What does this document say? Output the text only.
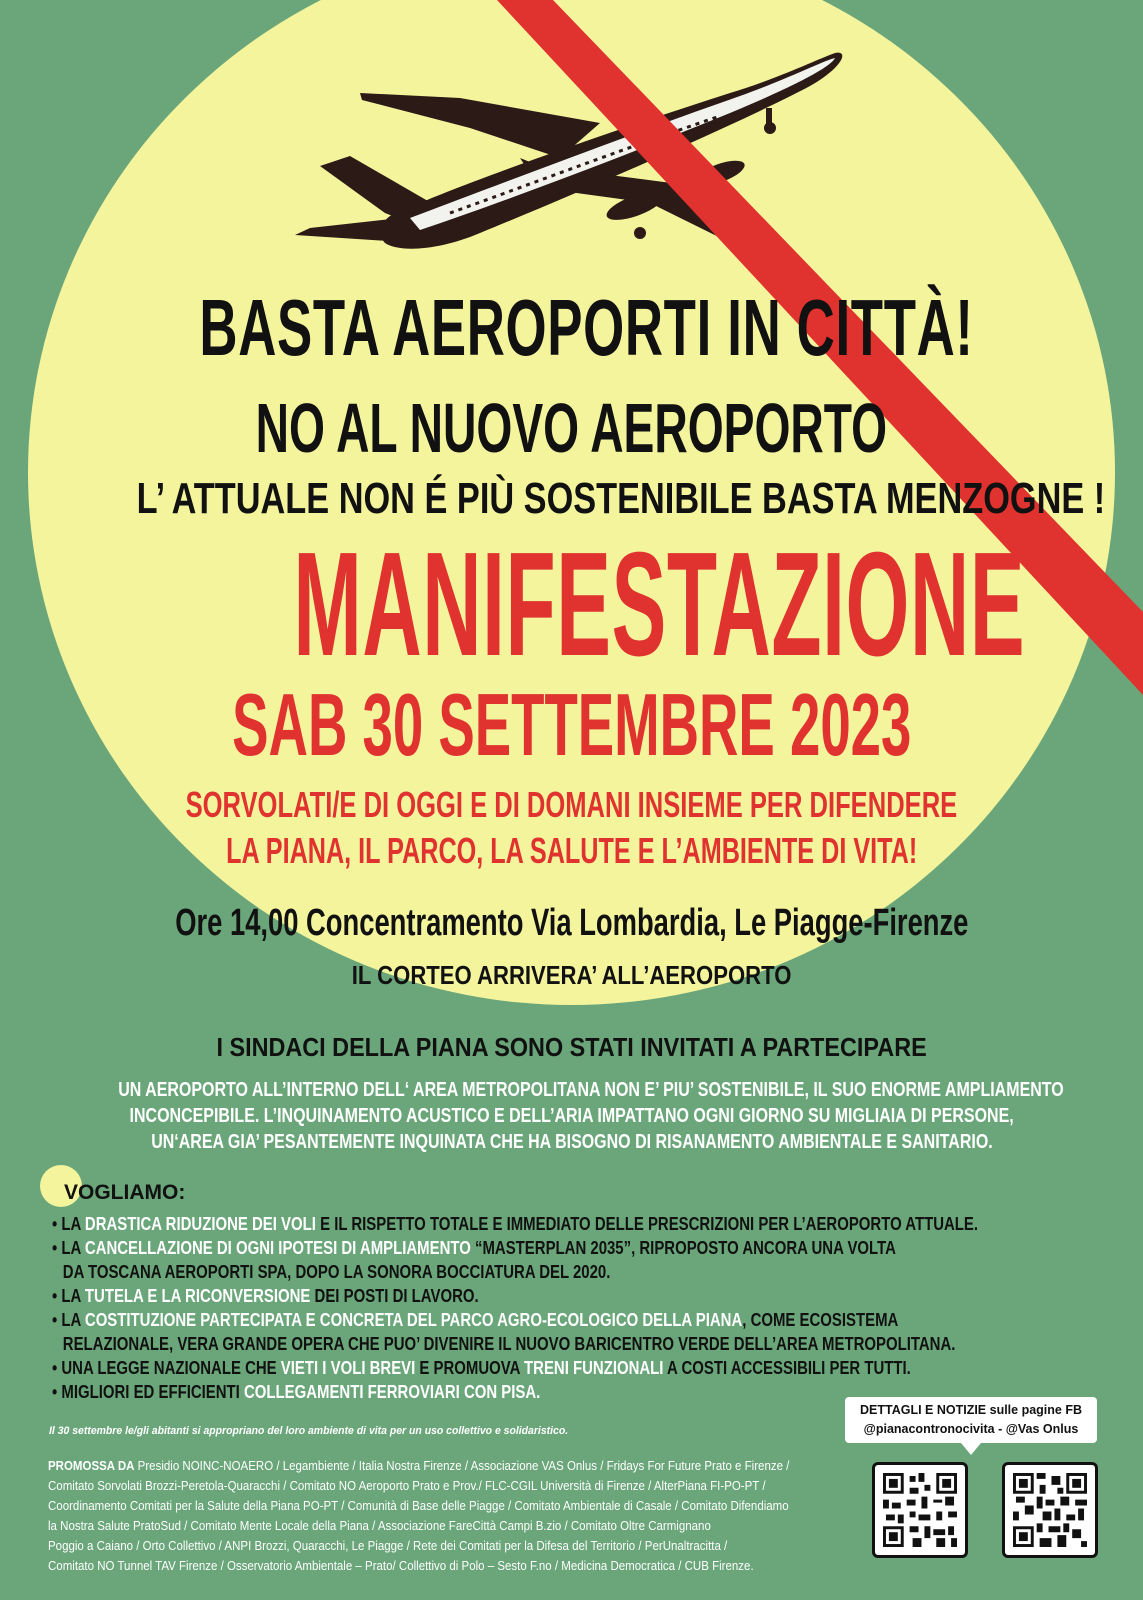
BASTA AEROPORTI IN CITTÀ!
NO AL NUOVO AEROPORTO
L’ ATTUALE NON É PIÙ SOSTENIBILE BASTA MENZOGNE !
MANIFESTAZIONE
SAB 30 SETTEMBRE 2023
SORVOLATI/E DI OGGI E DI DOMANI INSIEME PER DIFENDERE
LA PIANA, IL PARCO, LA SALUTE E L’AMBIENTE DI VITA!
Ore 14,00 Concentramento Via Lombardia, Le Piagge-Firenze
IL CORTEO ARRIVERA’ ALL’AEROPORTO
I SINDACI DELLA PIANA SONO STATI INVITATI A PARTECIPARE
UN AEROPORTO ALL’INTERNO DELL‘ AREA METROPOLITANA NON E’ PIU’ SOSTENIBILE, IL SUO ENORME AMPLIAMENTO
INCONCEPIBILE. L’INQUINAMENTO ACUSTICO E DELL’ARIA IMPATTANO OGNI GIORNO SU MIGLIAIA DI PERSONE,
UN‘AREA GIA’ PESANTEMENTE INQUINATA CHE HA BISOGNO DI RISANAMENTO AMBIENTALE E SANITARIO.
VOGLIAMO:
• LA DRASTICA RIDUZIONE DEI VOLI E IL RISPETTO TOTALE E IMMEDIATO DELLE PRESCRIZIONI PER L’AEROPORTO ATTUALE.
• LA CANCELLAZIONE DI OGNI IPOTESI DI AMPLIAMENTO “MASTERPLAN 2035”, RIPROPOSTO ANCORA UNA VOLTA
DA TOSCANA AEROPORTI SPA, DOPO LA SONORA BOCCIATURA DEL 2020.
• LA TUTELA E LA RICONVERSIONE DEI POSTI DI LAVORO.
• LA COSTITUZIONE PARTECIPATA E CONCRETA DEL PARCO AGRO-ECOLOGICO DELLA PIANA, COME ECOSISTEMA
RELAZIONALE, VERA GRANDE OPERA CHE PUO’ DIVENIRE IL NUOVO BARICENTRO VERDE DELL’AREA METROPOLITANA.
• UNA LEGGE NAZIONALE CHE VIETI I VOLI BREVI E PROMUOVA TRENI FUNZIONALI A COSTI ACCESSIBILI PER TUTTI.
• MIGLIORI ED EFFICIENTI COLLEGAMENTI FERROVIARI CON PISA.
Il 30 settembre le/gli abitanti si appropriano del loro ambiente di vita per un uso collettivo e solidaristico.
PROMOSSA DA Presidio NOINC-NOAERO / Legambiente / Italia Nostra Firenze / Associazione VAS Onlus / Fridays For Future Prato e Firenze /
Comitato Sorvolati Brozzi-Peretola-Quaracchi / Comitato NO Aeroporto Prato e Prov./ FLC-CGIL Università di Firenze / AlterPiana FI-PO-PT /
Coordinamento Comitati per la Salute della Piana PO-PT / Comunità di Base delle Piagge / Comitato Ambientale di Casale / Comitato Difendiamo
la Nostra Salute PratoSud / Comitato Mente Locale della Piana / Associazione FareCittà Campi B.zio / Comitato Oltre Carmignano
Poggio a Caiano / Orto Collettivo / ANPI Brozzi, Quaracchi, Le Piagge / Rete dei Comitati per la Difesa del Territorio / PerUnaltracitta /
Comitato NO Tunnel TAV Firenze / Osservatorio Ambientale – Prato/ Collettivo di Polo – Sesto F.no / Medicina Democratica / CUB Firenze.
DETTAGLI E NOTIZIE sulle pagine FB
@pianacontronocivita - @Vas Onlus
